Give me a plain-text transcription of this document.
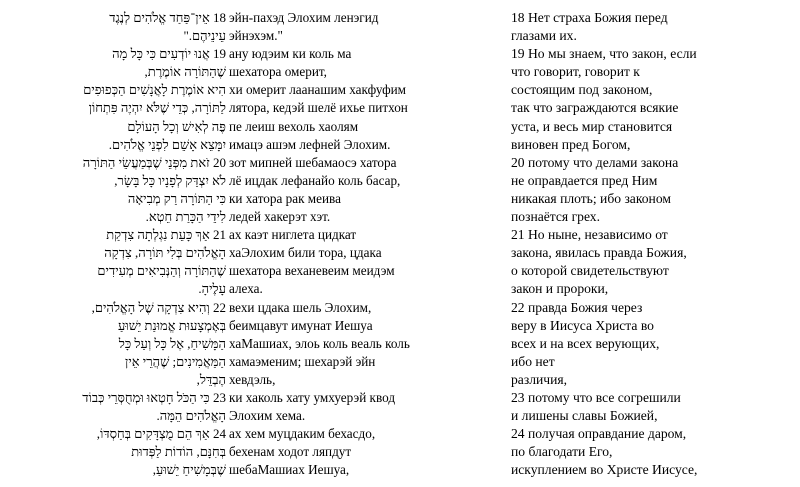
18 אֵין־פַּחַד אֱלֹהִים לְנֶגֶד
עֵינֵיהֶם."
19 אֲנוּ יוֹדְעִים כִּי כָּל מָה
שֶׁהַתּוֹרָה אוֹמֶרֶת,
הִיא אוֹמֶרֶת לָאֲנָשִׁים הַכְּפוּפִים
לַתּוֹרָה, כְּדֵי שֶׁלֹּא יִהְיֶה פִּתְחוֹן
פֶּה לְאִישׁ וְכָל הָעוֹלָם
יִמָּצֵא אָשֵׁם לִפְנֵי אֱלֹהִים.
20 זֹאת מִפְּנֵי שֶׁבְּמַעֲשֵׂי הַתּוֹרָה
לֹא יִצְדַּק לְפָנָיו כָּל בָּשָׂר,
כִּי הַתּוֹרָה רַק מְבִיאָה
לִידֵי הַכָּרַת חֵטְא.
21 אַךְ כָּעֵת נִגְלְתָה צִדְקַת
הָאֱלֹהִים בְּלִי תּוֹרָה, צִדְקָה
שֶׁהַתּוֹרָה וְהַנְּבִיאִים מְעִידִים
עָלֶיהָ.
22 וְהִיא צִדְקָה שֶׁל הָאֱלֹהִים,
בְּאֶמְצָעוּת אֱמוּנַת יֵשׁוּעַ
הַמָּשִׁיחַ, אֶל כָּל וְעַל כָּל
הַמַּאֲמִינִים; שֶׁהֲרֵי אֵין
הֶבְדֵּל,
23 כִּי הַכֹּל חָטְאוּ וּמְחֻסְּרֵי כְּבוֹד
הָאֱלֹהִים הֵמָּה.
24 אַךְ הֵם מֻצְדָּקִים בְּחַסְדּוֹ,
בְּחִנָּם, הוֹדוֹת לַפְּדוּת
שֶׁבְּמָשִׁיחַ יֵשׁוּעַ,
эйн-пахэд Элохим ленэгид
эйнэхэм."
ану юдэим ки коль ма
шехатора омерит,
хи омерит лаанашим хакфуфим
лятора, кедэй шелё ихье питхон
пе леиш вехоль хаолям
имацэ ашэм лефней Элохим.
зот мипней шебамаосэ хатора
лё ицдак лефанайо коль басар,
ки хатора рак меива
ледей хакерэт хэт.
ах каэт ниглета цидкат
хаЭлохим били тора, цдака
шехатора веханевеим меидэм
алеха.
вехи цдака шель Элохим,
беимцавут имунат Иешуа
хаМашиах, элоь коль веаль коль
хамаэменим; шехарэй эйн
хевдэль,
ки хаколь хату умхуерэй квод
Элохим хема.
ах хем муцдаким бехасдо,
бехенам ходот ляпдут
шебаМашиах Иешуа,
18 Нет страха Божия перед
глазами их.
19 Но мы знаем, что закон, если
что говорит, говорит к
состоящим под законом,
так что заграждаются всякие
уста, и весь мир становится
виновен пред Богом,
20 потому что делами закона
не оправдается пред Ним
никакая плоть; ибо законом
познаётся грех.
21 Но ныне, независимо от
закона, явилась правда Божия,
о которой свидетельствуют
закон и пророки,
22 правда Божия через
веру в Иисуса Христа во
всех и на всех верующих,
ибо нет
различия,
23 потому что все согрешили
и лишены славы Божией,
24 получая оправдание даром,
по благодати Его,
искуплением во Христе Иисусе,
